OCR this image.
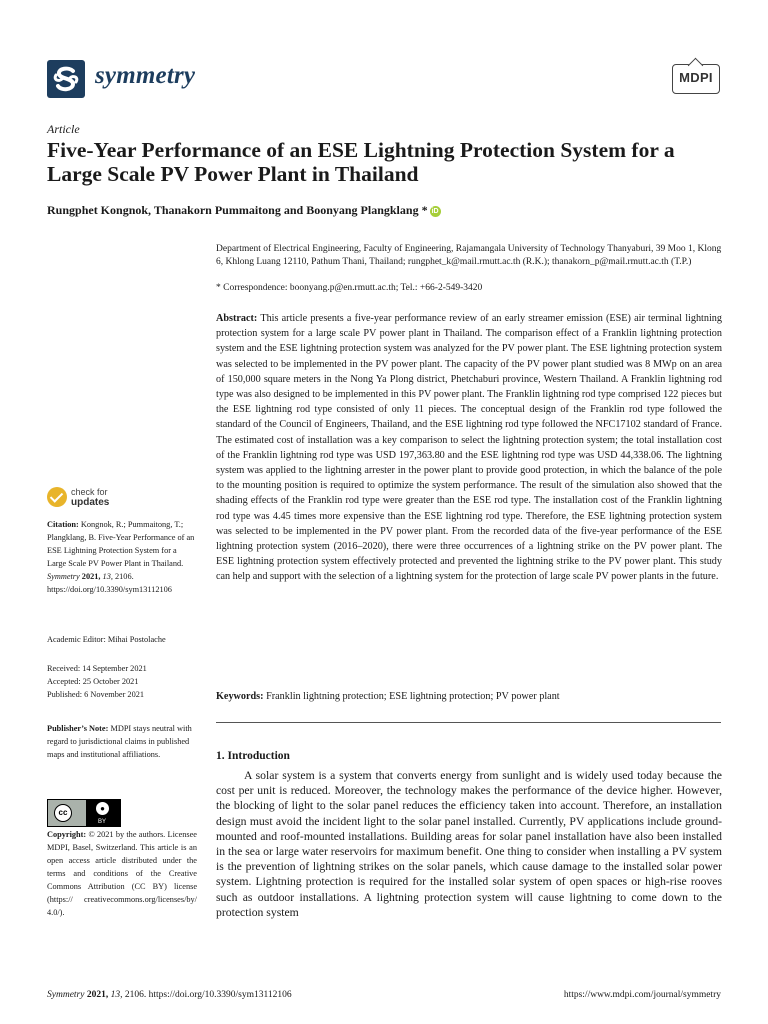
symmetry	MDPI
Article
Five-Year Performance of an ESE Lightning Protection System for a Large Scale PV Power Plant in Thailand
Rungphet Kongnok, Thanakorn Pummaitong and Boonyang Plangklang * iD
Department of Electrical Engineering, Faculty of Engineering, Rajamangala University of Technology Thanyaburi, 39 Moo 1, Klong 6, Khlong Luang 12110, Pathum Thani, Thailand; rungphet_k@mail.rmutt.ac.th (R.K.); thanakorn_p@mail.rmutt.ac.th (T.P.)
* Correspondence: boonyang.p@en.rmutt.ac.th; Tel.: +66-2-549-3420
Abstract: This article presents a five-year performance review of an early streamer emission (ESE) air terminal lightning protection system for a large scale PV power plant in Thailand. The comparison effect of a Franklin lightning protection system and the ESE lightning protection system was analyzed for the PV power plant. The ESE lightning protection system was selected to be implemented in the PV power plant. The capacity of the PV power plant studied was 8 MWp on an area of 150,000 square meters in the Nong Ya Plong district, Phetchaburi province, Western Thailand. A Franklin lightning rod type was also designed to be implemented in this PV power plant. The Franklin lightning rod type comprised 122 pieces but the ESE lightning rod type consisted of only 11 pieces. The conceptual design of the Franklin rod type followed the standard of the Council of Engineers, Thailand, and the ESE lightning rod type followed the NFC17102 standard of France. The estimated cost of installation was a key comparison to select the lightning protection system; the total installation cost of the Franklin lightning rod type was USD 197,363.80 and the ESE lightning rod type was USD 44,338.06. The lightning system was applied to the lightning arrester in the power plant to provide good protection, in which the balance of the pole to the mounting position is required to optimize the system performance. The result of the simulation also showed that the shading effects of the Franklin rod type were greater than the ESE rod type. The installation cost of the Franklin lightning rod type was 4.45 times more expensive than the ESE lightning rod type. Therefore, the ESE lightning protection system was selected to be implemented in the PV power plant. From the recorded data of the five-year performance of the ESE lightning protection system (2016–2020), there were three occurrences of a lightning strike on the PV power plant. The ESE lightning protection system effectively protected and prevented the lightning strike to the PV power plant. This study can help and support with the selection of a lightning system for the protection of large scale PV power plants in the future.
Keywords: Franklin lightning protection; ESE lightning protection; PV power plant
check for
updates
Citation: Kongnok, R.; Pummaitong, T.; Plangklang, B. Five-Year Performance of an ESE Lightning Protection System for a Large Scale PV Power Plant in Thailand. Symmetry 2021, 13, 2106. https://doi.org/10.3390/sym13112106
Academic Editor: Mihai Postolache
Received: 14 September 2021
Accepted: 25 October 2021
Published: 6 November 2021
Publisher’s Note: MDPI stays neutral with regard to jurisdictional claims in published maps and institutional affiliations.
cc	●
BY
Copyright: © 2021 by the authors. Licensee MDPI, Basel, Switzerland. This article is an open access article distributed under the terms and conditions of the Creative Commons Attribution (CC BY) license (https:// creativecommons.org/licenses/by/ 4.0/).
1. Introduction
A solar system is a system that converts energy from sunlight and is widely used today because the cost per unit is reduced. Moreover, the technology makes the performance of the device higher. However, the blocking of light to the solar panel reduces the efficiency taken into account. Therefore, an installation design must avoid the incident light to the solar panel installed. Currently, PV applications include ground-mounted and roof-mounted installations. Building areas for solar panel installation have also been installed in the sea or large water reservoirs for maximum benefit. One thing to consider when installing a PV system is the prevention of lightning strikes on the solar panels, which cause damage to the installed solar power system. Lightning protection is required for the installed solar system of open spaces or high-rise rooves such as outdoor installations. A lightning protection system will cause lightning to come down to the protection system
Symmetry 2021, 13, 2106. https://doi.org/10.3390/sym13112106	https://www.mdpi.com/journal/symmetry
